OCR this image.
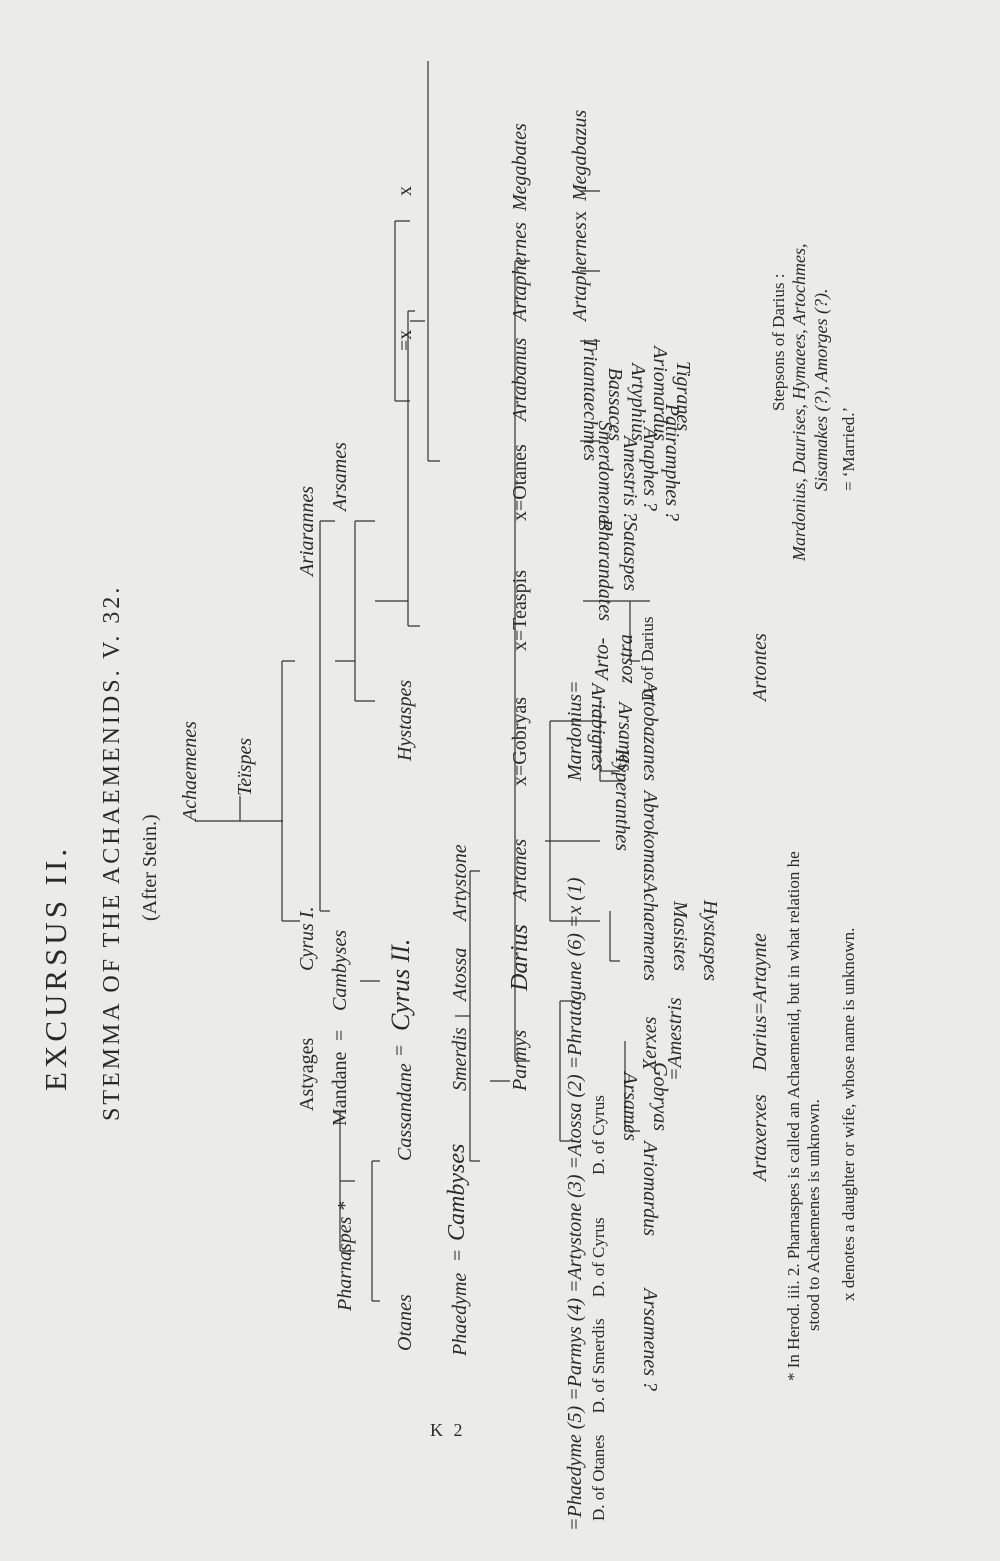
EXCURSUS II. STEMMA OF THE ACHAEMENIDS. V. 32. (After Stein.)
Achaemenes Teïspes
Cyrus I.
Ariarannes
Astyages Mandane
=
Cambyses
Arsames
Hystaspes
=x
x
Pharnaspes *
Otanes
Cassandane
=
Cyrus II.
Phaedyme
=
Cambyses
Smerdis
Atossa
Artystone
Parmys
Darius
Artanes
x=Gobryas
x=Teaspis
x=Otanes
Artabanus
Artaphernes
Megabates
Artaphernes
x
Megabazus
=Phaedyme (5) =Parmys (4) =Artystone (3) =Atossa (2) =Phratagune (6) =x (1)
Mardonius=
D. of Otanes     D. of Smerdis     D. of Cyrus          D. of Cyrus
Arto- zostra D. of Darius
Arsamenes ?
Ariomardus
Arsames Gobryas
Xerxes =Amestris
Hystaspes
Masistes
Achaemenes
Abrokomas
Hyperanthes
Artobazanes
Arsames
Ariabignes
Artaxerxes
Darius=Artaynte
Artontes
Pharandates Sataspes
Smerdomenes Amestris ?
Anaphes ? Patiramphes ?
Tritantaechmes Bassaces Artyphius Ariomardus Tigranes	Stepsons of Darius : Mardonius, Daurises, Hymaees, Artochmes, Sisamakes (?), Amorges (?). = ‘Married.’
* In Herod. iii. 2. Pharnaspes is called an Achaemenid, but in what relation he stood to Achaemenes is unknown. x denotes a daughter or wife, whose name is unknown.
K 2
